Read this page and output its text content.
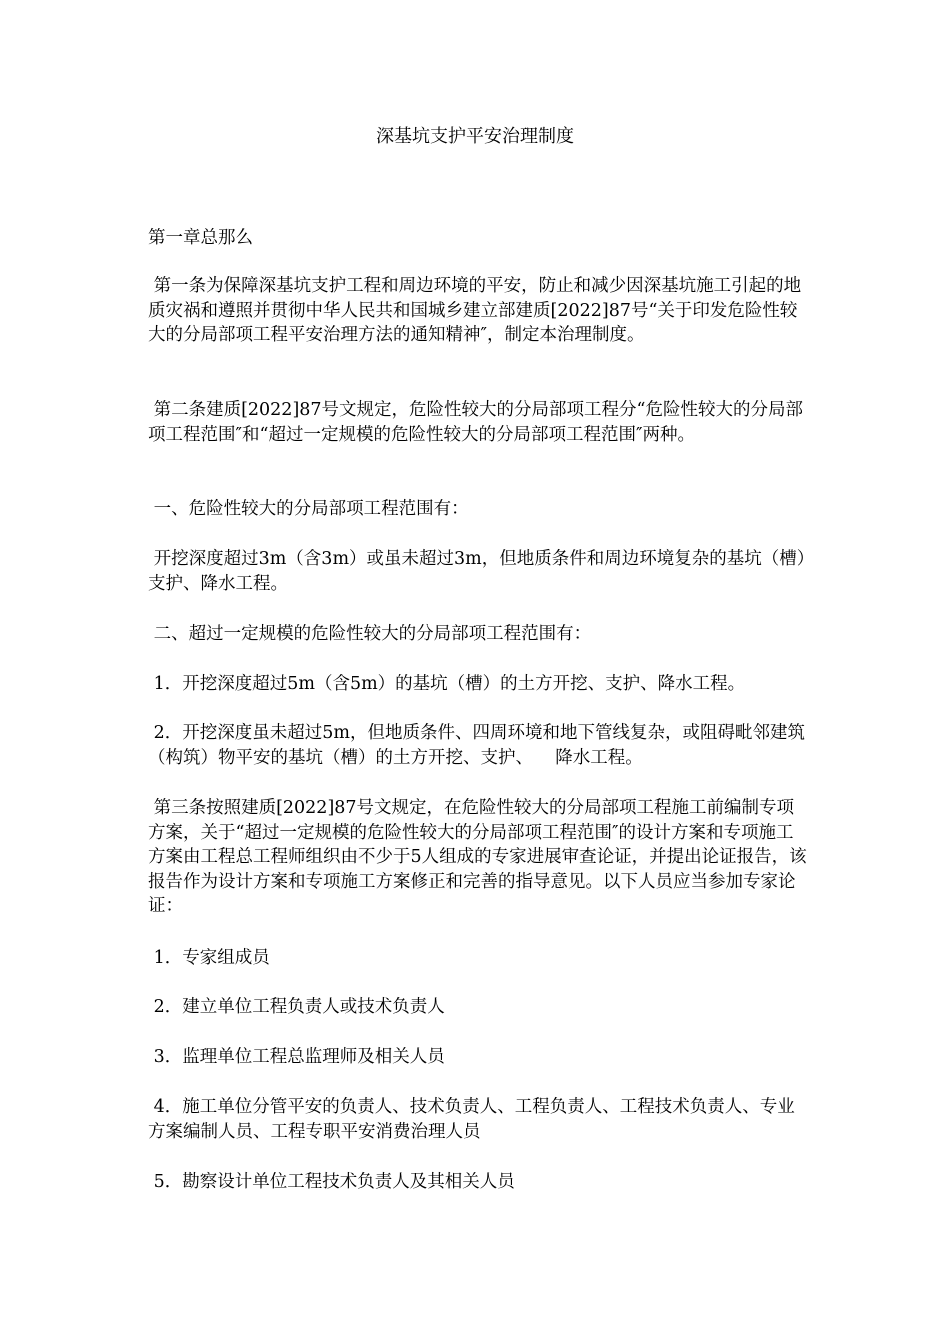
深基坑支护平安治理制度

第一章总那么

第一条为保障深基坑支护工程和周边环境的平安，防止和减少因深基坑施工引起的地质灾祸和遵照并贯彻中华人民共和国城乡建立部建质[2022]87号“关于印发危险性较大的分局部项工程平安治理方法的通知精神″，制定本治理制度。

第二条建质[2022]87号文规定，危险性较大的分局部项工程分“危险性较大的分局部项工程范围″和“超过一定规模的危险性较大的分局部项工程范围″两种。

一、危险性较大的分局部项工程范围有：

开挖深度超过3m（含3m）或虽未超过3m，但地质条件和周边环境复杂的基坑（槽）支护、降水工程。

二、超过一定规模的危险性较大的分局部项工程范围有：

1．开挖深度超过5m（含5m）的基坑（槽）的土方开挖、支护、降水工程。

2．开挖深度虽未超过5m，但地质条件、四周环境和地下管线复杂，或阻碍毗邻建筑（构筑）物平安的基坑（槽）的土方开挖、支护、    降水工程。

第三条按照建质[2022]87号文规定，在危险性较大的分局部项工程施工前编制专项方案，关于“超过一定规模的危险性较大的分局部项工程范围″的设计方案和专项施工方案由工程总工程师组织由不少于5人组成的专家进展审查论证，并提出论证报告，该报告作为设计方案和专项施工方案修正和完善的指导意见。以下人员应当参加专家论证：

1．专家组成员

2．建立单位工程负责人或技术负责人

3．监理单位工程总监理师及相关人员

4．施工单位分管平安的负责人、技术负责人、工程负责人、工程技术负责人、专业方案编制人员、工程专职平安消费治理人员

5．勘察设计单位工程技术负责人及其相关人员
